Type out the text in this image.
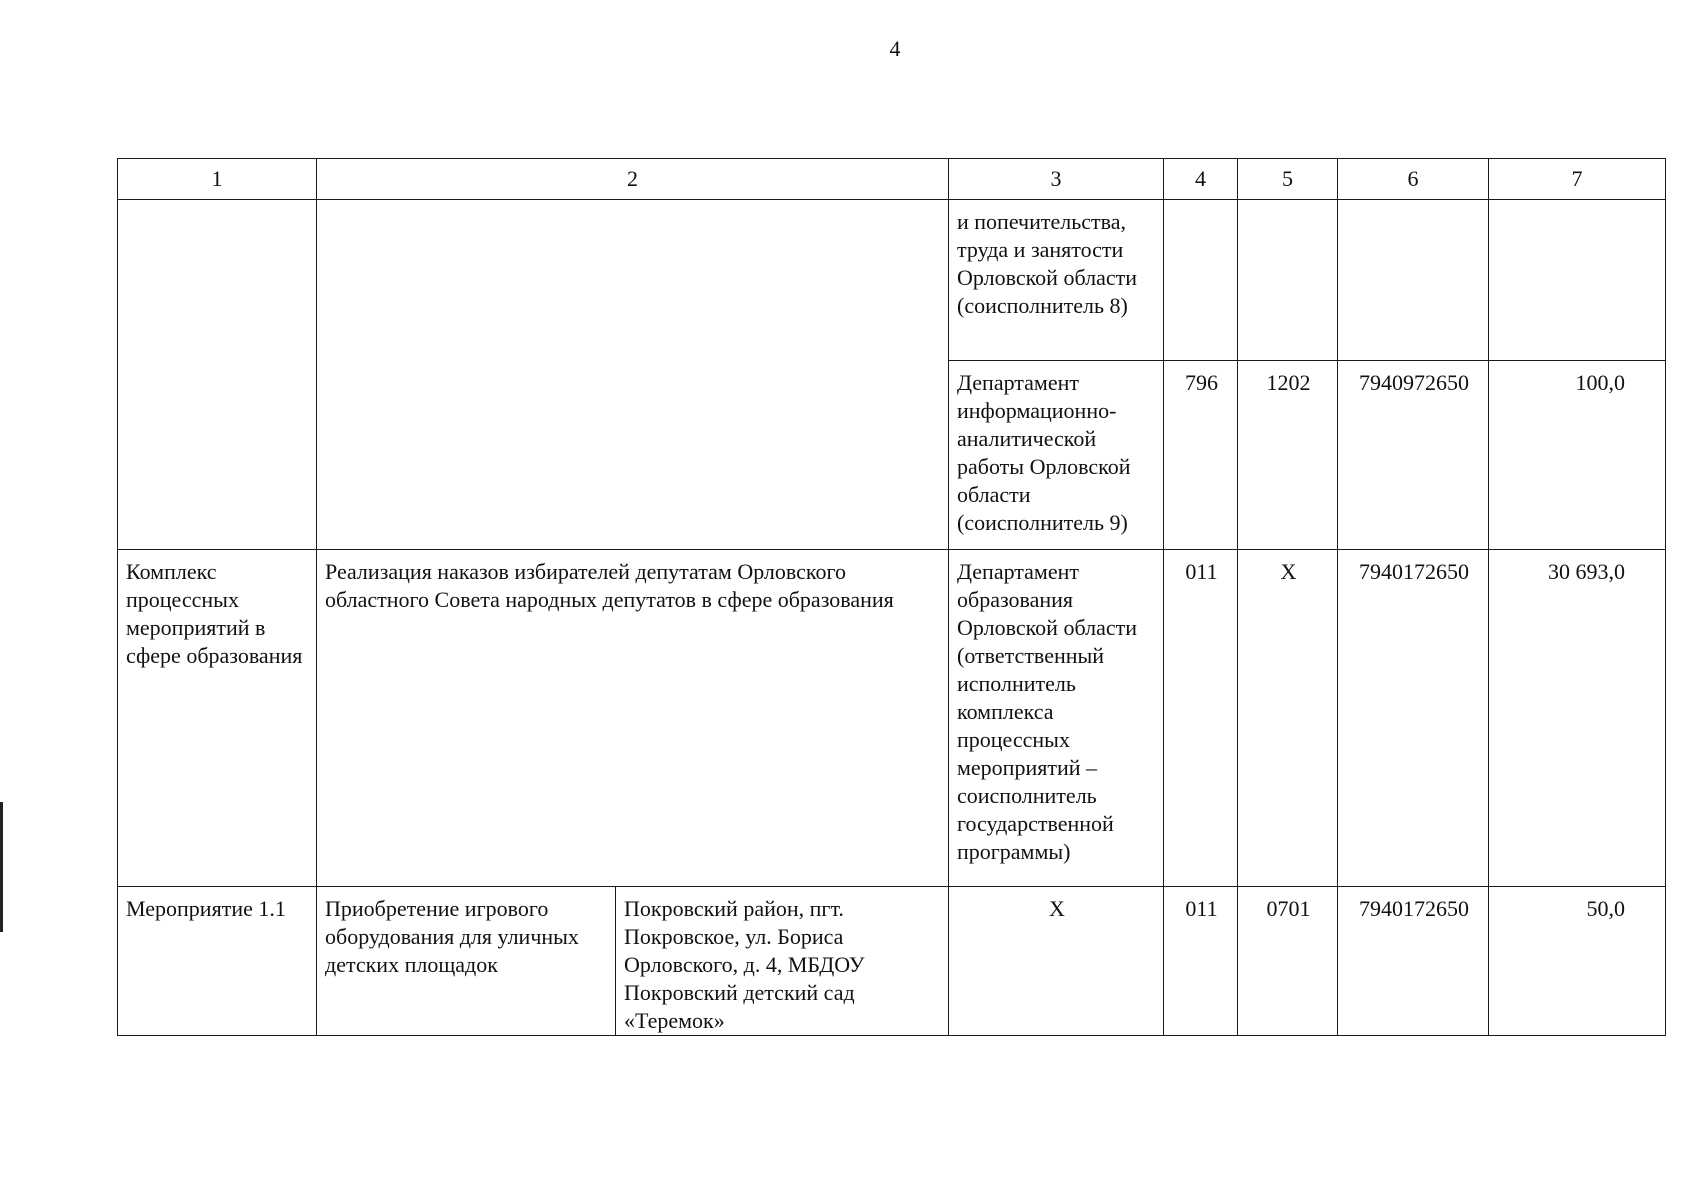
4
1	2		3	4	5	6	7
			и попечительства, труда и занятости Орловской области (соисполнитель 8)				
			Департамент информационно-аналитической работы Орловской области (соисполнитель 9)	796	1202	7940972650	100,0
Комплекс процессных мероприятий в сфере образования	Реализация наказов избирателей депутатам Орловского областного Совета народных депутатов в сфере образования		Департамент образования Орловской области (ответственный исполнитель комплекса процессных мероприятий – соисполнитель государственной программы)	011	Х	7940172650	30 693,0
Мероприятие 1.1	Приобретение игрового оборудования для уличных детских площадок	Покровский район, пгт. Покровское, ул. Бориса Орловского, д. 4, МБДОУ Покровский детский сад «Теремок»	Х	011	0701	7940172650	50,0
